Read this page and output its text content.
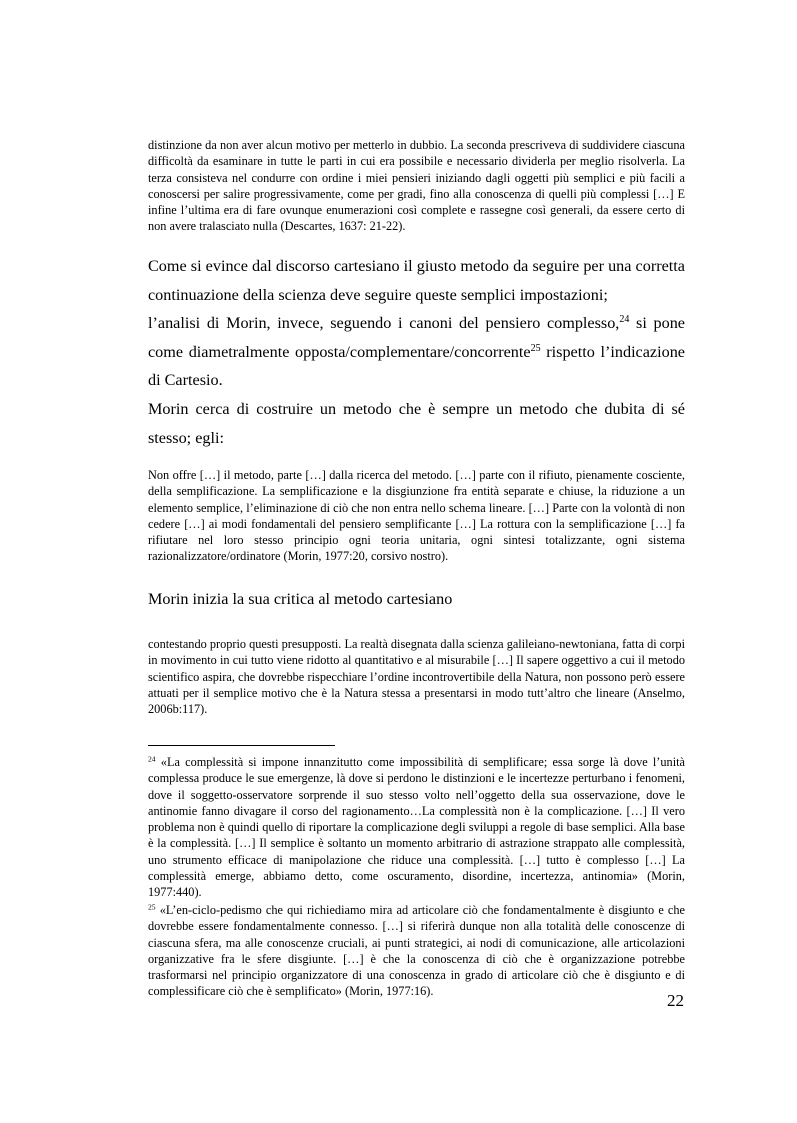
distinzione da non aver alcun motivo per metterlo in dubbio. La seconda prescriveva di suddividere ciascuna difficoltà da esaminare in tutte le parti in cui era possibile e necessario dividerla per meglio risolverla. La terza consisteva nel condurre con ordine i miei pensieri iniziando dagli oggetti più semplici e più facili a conoscersi per salire progressivamente, come per gradi, fino alla conoscenza di quelli più complessi […] E infine l’ultima era di fare ovunque enumerazioni così complete e rassegne così generali, da essere certo di non avere tralasciato nulla (Descartes, 1637: 21-22).

Come si evince dal discorso cartesiano il giusto metodo da seguire per una corretta continuazione della scienza deve seguire queste semplici impostazioni;

l’analisi di Morin, invece, seguendo i canoni del pensiero complesso,$^{24}$ si pone come diametralmente opposta/complementare/concorrente$^{25}$ rispetto l’indicazione di Cartesio.

Morin cerca di costruire un metodo che è sempre un metodo che dubita di sé stesso; egli:

Non offre […] il metodo, parte […] dalla ricerca del metodo. […] parte con il rifiuto, pienamente cosciente, della semplificazione. La semplificazione e la disgiunzione fra entità separate e chiuse, la riduzione a un elemento semplice, l’eliminazione di ciò che non entra nello schema lineare. […] Parte con la volontà di non cedere […] ai modi fondamentali del pensiero semplificante […] La rottura con la semplificazione […] fa rifiutare nel loro stesso principio ogni teoria unitaria, ogni sintesi totalizzante, ogni sistema razionalizzatore/ordinatore (Morin, 1977:20, corsivo nostro).

Morin inizia la sua critica al metodo cartesiano

contestando proprio questi presupposti. La realtà disegnata dalla scienza galileiano-newtoniana, fatta di corpi in movimento in cui tutto viene ridotto al quantitativo e al misurabile […] Il sapere oggettivo a cui il metodo scientifico aspira, che dovrebbe rispecchiare l’ordine incontrovertibile della Natura, non possono però essere attuati per il semplice motivo che è la Natura stessa a presentarsi in modo tutt’altro che lineare (Anselmo, 2006b:117).

$^{24}$ «La complessità si impone innanzitutto come impossibilità di semplificare; essa sorge là dove l’unità complessa produce le sue emergenze, là dove si perdono le distinzioni e le incertezze perturbano i fenomeni, dove il soggetto-osservatore sorprende il suo stesso volto nell’oggetto della sua osservazione, dove le antinomie fanno divagare il corso del ragionamento…La complessità non è la complicazione. […] Il vero problema non è quindi quello di riportare la complicazione degli sviluppi a regole di base semplici. Alla base è la complessità. […] Il semplice è soltanto un momento arbitrario di astrazione strappato alle complessità, uno strumento efficace di manipolazione che riduce una complessità. […] tutto è complesso […] La complessità emerge, abbiamo detto, come oscuramento, disordine, incertezza, antinomia» (Morin, 1977:440).

$^{25}$ «L’en-ciclo-pedismo che qui richiediamo mira ad articolare ciò che fondamentalmente è disgiunto e che dovrebbe essere fondamentalmente connesso. […] si riferirà dunque non alla totalità delle conoscenze di ciascuna sfera, ma alle conoscenze cruciali, ai punti strategici, ai nodi di comunicazione, alle articolazioni organizzative fra le sfere disgiunte. […] è che la conoscenza di ciò che è organizzazione potrebbe trasformarsi nel principio organizzatore di una conoscenza in grado di articolare ciò che è disgiunto e di complessificare ciò che è semplificato» (Morin, 1977:16).	22
